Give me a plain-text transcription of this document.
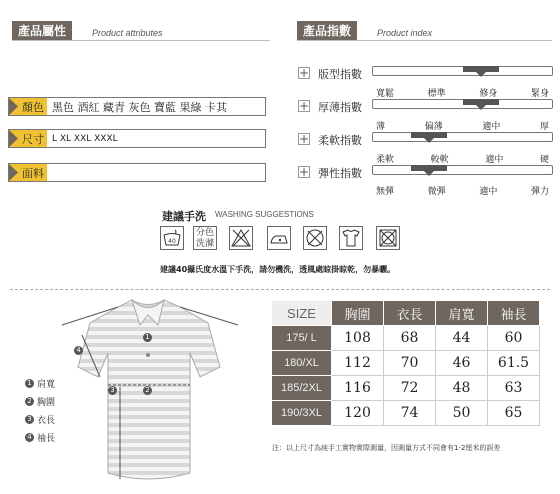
產品屬性	Product attributes	產品指數	Product index
顏色 黑色 酒紅 藏青 灰色 寶藍 果綠 卡其
尺寸 L XL XXL XXXL
面料
+ 版型指數
寬鬆	標準	修身	緊身
+ 厚薄指數
薄	偏薄	適中	厚
+ 柔軟指數
柔軟	較軟	適中	硬
+ 彈性指數
無彈	微彈	適中	彈力
建議手洗 WASHING SUGGESTIONS
40
分色洗滌
建議40攝氏度水溫下手洗，請勿機洗，透風處晾掛晾乾，勿暴曬。
1
2
3
4
1 肩寬
2 胸圍
3 衣長
4 袖長
SIZE	胸圍	衣長	肩寬	袖長
175/ L	108	68	44	60
180/XL	112	70	46	61.5
185/2XL	116	72	48	63
190/3XL	120	74	50	65
注：以上尺寸為純手工實物實際測量，因測量方式不同會有1-2厘米的誤差
